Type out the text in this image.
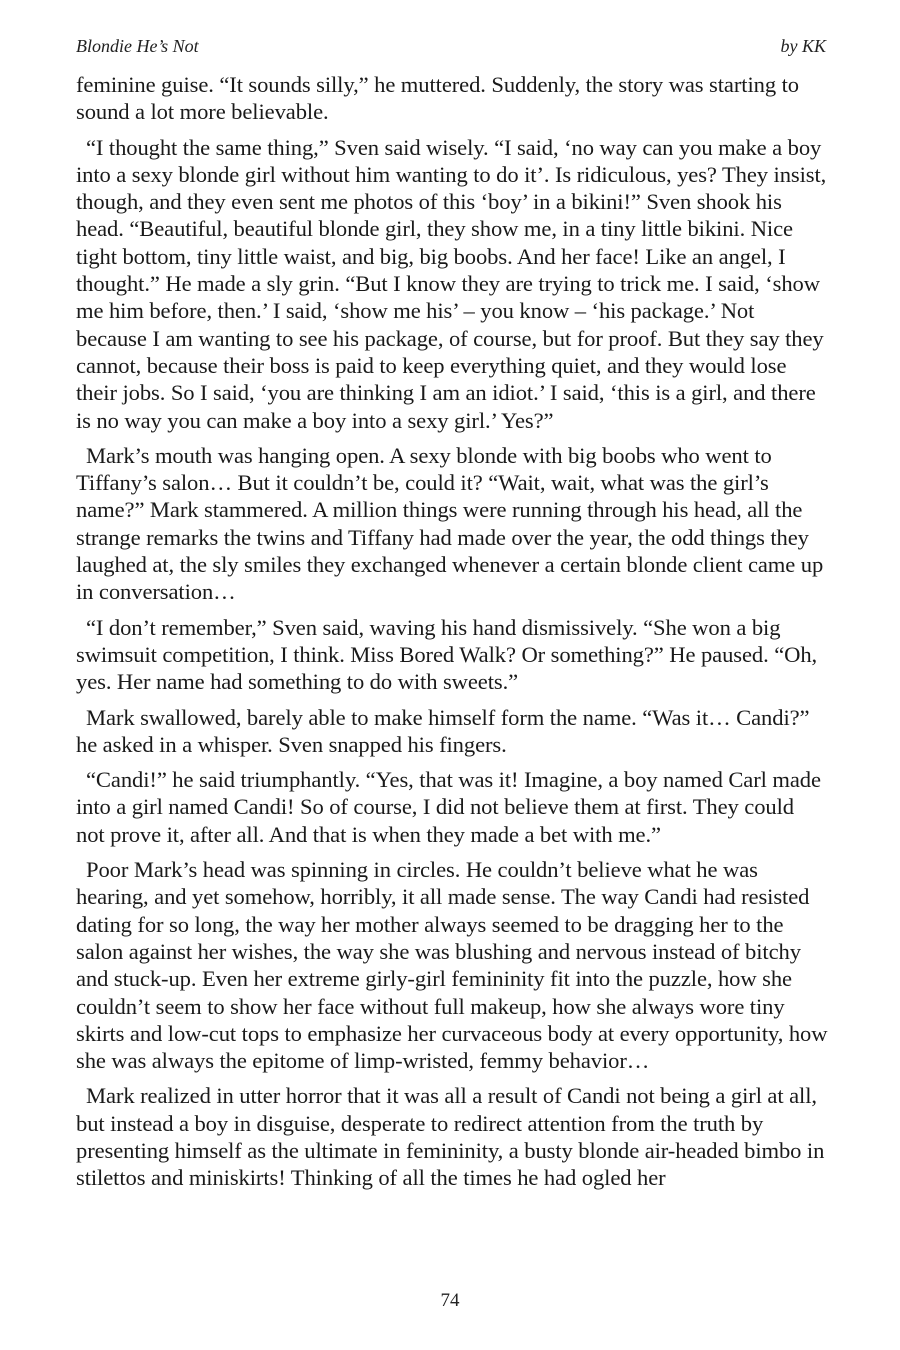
Blondie He’s Not	by KK

feminine guise. “It sounds silly,” he muttered. Suddenly, the story was starting to sound a lot more believable.

“I thought the same thing,” Sven said wisely. “I said, ‘no way can you make a boy into a sexy blonde girl without him wanting to do it’. Is ridiculous, yes? They insist, though, and they even sent me photos of this ‘boy’ in a bikini!” Sven shook his head. “Beautiful, beautiful blonde girl, they show me, in a tiny little bikini. Nice tight bottom, tiny little waist, and big, big boobs. And her face! Like an angel, I thought.” He made a sly grin. “But I know they are trying to trick me. I said, ‘show me him before, then.’ I said, ‘show me his’ – you know – ‘his package.’ Not because I am wanting to see his package, of course, but for proof. But they say they cannot, because their boss is paid to keep everything quiet, and they would lose their jobs. So I said, ‘you are thinking I am an idiot.’ I said, ‘this is a girl, and there is no way you can make a boy into a sexy girl.’ Yes?”

Mark’s mouth was hanging open. A sexy blonde with big boobs who went to Tiffany’s salon… But it couldn’t be, could it? “Wait, wait, what was the girl’s name?” Mark stammered. A million things were running through his head, all the strange remarks the twins and Tiffany had made over the year, the odd things they laughed at, the sly smiles they exchanged whenever a certain blonde client came up in conversation…

“I don’t remember,” Sven said, waving his hand dismissively. “She won a big swimsuit competition, I think. Miss Bored Walk? Or something?” He paused. “Oh, yes. Her name had something to do with sweets.”

Mark swallowed, barely able to make himself form the name. “Was it… Candi?” he asked in a whisper. Sven snapped his fingers.

“Candi!” he said triumphantly. “Yes, that was it! Imagine, a boy named Carl made into a girl named Candi! So of course, I did not believe them at first. They could not prove it, after all. And that is when they made a bet with me.”

Poor Mark’s head was spinning in circles. He couldn’t believe what he was hearing, and yet somehow, horribly, it all made sense. The way Candi had resisted dating for so long, the way her mother always seemed to be dragging her to the salon against her wishes, the way she was blushing and nervous instead of bitchy and stuck-up. Even her extreme girly-girl femininity fit into the puzzle, how she couldn’t seem to show her face without full makeup, how she always wore tiny skirts and low-cut tops to emphasize her curvaceous body at every opportunity, how she was always the epitome of limp-wristed, femmy behavior…

Mark realized in utter horror that it was all a result of Candi not being a girl at all, but instead a boy in disguise, desperate to redirect attention from the truth by presenting himself as the ultimate in femininity, a busty blonde air-headed bimbo in stilettos and miniskirts! Thinking of all the times he had ogled her

74
